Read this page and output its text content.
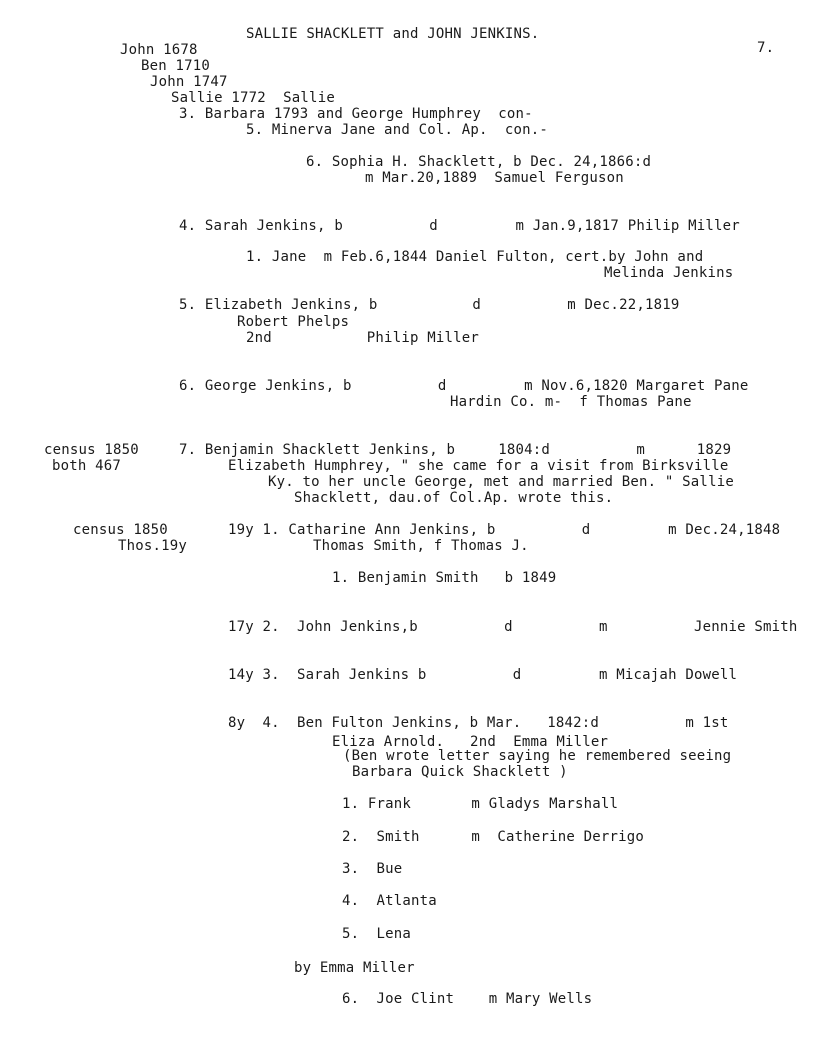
SALLIE SHACKLETT and JOHN JENKINS.
7.
John 1678
Ben 1710
John 1747
Sallie 1772  Sallie
3. Barbara 1793 and George Humphrey  con-
5. Minerva Jane and Col. Ap.  con.-
6. Sophia H. Shacklett, b Dec. 24,1866:d
m Mar.20,1889  Samuel Ferguson
4. Sarah Jenkins, b          d         m Jan.9,1817 Philip Miller
1. Jane  m Feb.6,1844 Daniel Fulton, cert.by John and
Melinda Jenkins
5. Elizabeth Jenkins, b           d          m Dec.22,1819
Robert Phelps
2nd           Philip Miller
6. George Jenkins, b          d         m Nov.6,1820 Margaret Pane
Hardin Co. m-  f Thomas Pane
census 1850
both 467
7. Benjamin Shacklett Jenkins, b     1804:d          m      1829
Elizabeth Humphrey, " she came for a visit from Birksville
Ky. to her uncle George, met and married Ben. " Sallie
Shacklett, dau.of Col.Ap. wrote this.
census 1850
Thos.19y
19y 1. Catharine Ann Jenkins, b          d         m Dec.24,1848
Thomas Smith, f Thomas J.
1. Benjamin Smith   b 1849
17y 2.  John Jenkins,b          d          m          Jennie Smith
14y 3.  Sarah Jenkins b          d         m Micajah Dowell
8y  4.  Ben Fulton Jenkins, b Mar.   1842:d          m 1st
Eliza Arnold.   2nd  Emma Miller
(Ben wrote letter saying he remembered seeing
Barbara Quick Shacklett )
1. Frank       m Gladys Marshall
2.  Smith      m  Catherine Derrigo
3.  Bue
4.  Atlanta
5.  Lena
by Emma Miller
6.  Joe Clint    m Mary Wells
